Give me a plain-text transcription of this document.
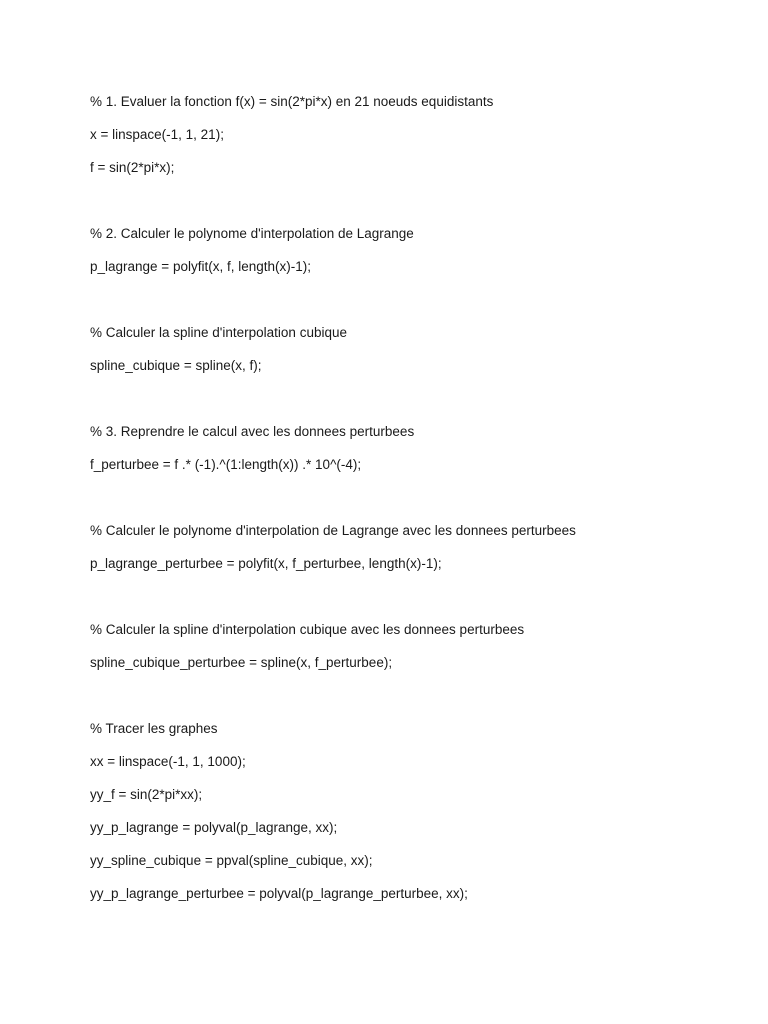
% 1. Evaluer la fonction f(x) = sin(2*pi*x) en 21 noeuds equidistants

x = linspace(-1, 1, 21);

f = sin(2*pi*x);

% 2. Calculer le polynome d'interpolation de Lagrange

p_lagrange = polyfit(x, f, length(x)-1);

% Calculer la spline d'interpolation cubique

spline_cubique = spline(x, f);

% 3. Reprendre le calcul avec les donnees perturbees

f_perturbee = f .* (-1).^(1:length(x)) .* 10^(-4);

% Calculer le polynome d'interpolation de Lagrange avec les donnees perturbees

p_lagrange_perturbee = polyfit(x, f_perturbee, length(x)-1);

% Calculer la spline d'interpolation cubique avec les donnees perturbees

spline_cubique_perturbee = spline(x, f_perturbee);

% Tracer les graphes

xx = linspace(-1, 1, 1000);

yy_f = sin(2*pi*xx);

yy_p_lagrange = polyval(p_lagrange, xx);

yy_spline_cubique = ppval(spline_cubique, xx);

yy_p_lagrange_perturbee = polyval(p_lagrange_perturbee, xx);
